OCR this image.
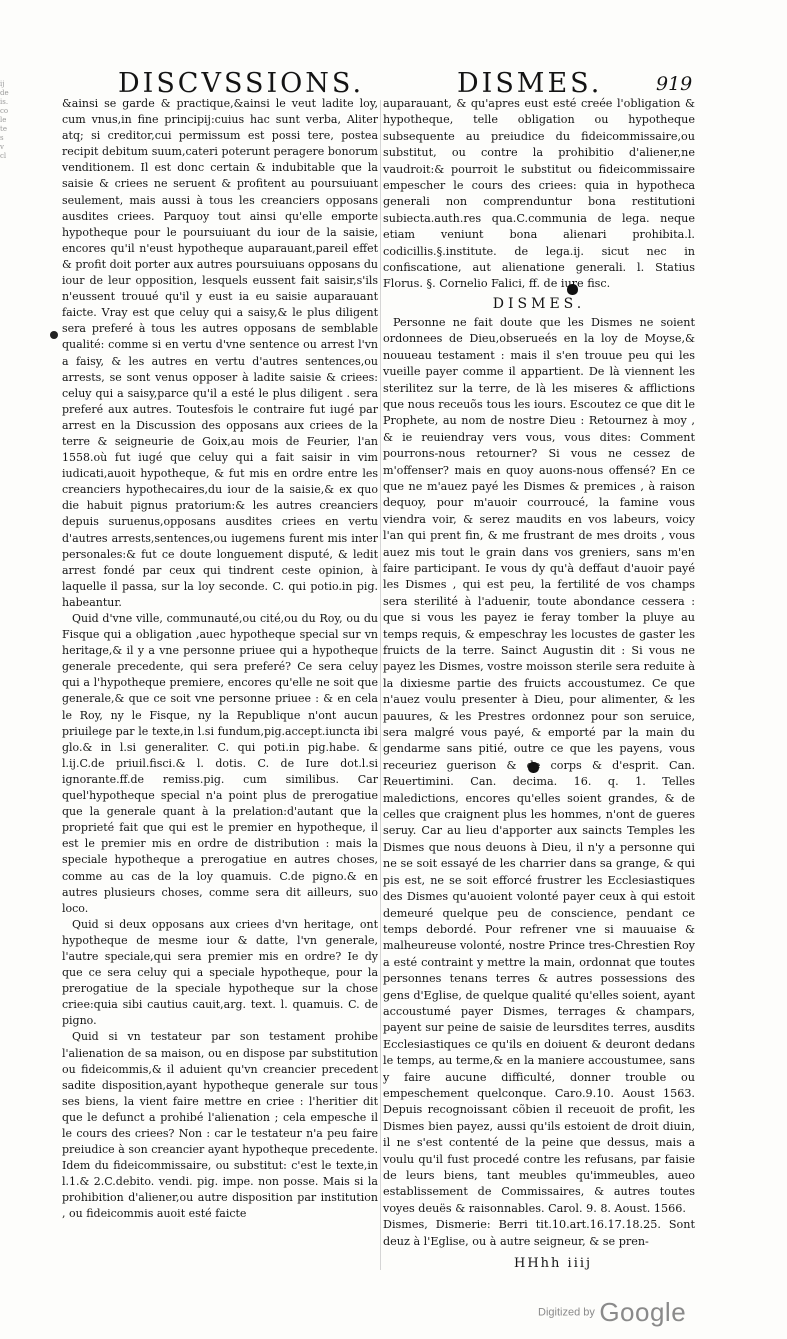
ij
de
is.
co
le
te
s
v
cl
DISCVSSIONS.	DISMES.	919

&ainsi se garde & practique,&ainsi le veut ladite loy, cum vnus,in fine principij:cuius hac sunt verba, Aliter atq; si creditor,cui permissum est possi tere, postea recipit debitum suum,cateri poterunt peragere bonorum venditionem. Il est donc certain & indubitable que la saisie & criees ne seruent & profitent au poursuiuant seulement, mais aussi à tous les creanciers opposans ausdites criees. Parquoy tout ainsi qu'elle emporte hypotheque pour le poursuiuant du iour de la saisie, encores qu'il n'eust hypotheque auparauant,pareil effet & profit doit porter aux autres poursuiuans opposans du iour de leur opposition, lesquels eussent fait saisir,s'ils n'eussent trouué qu'il y eust ia eu saisie auparauant faicte. Vray est que celuy qui a saisy,& le plus diligent sera preferé à tous les autres opposans de semblable qualité: comme si en vertu d'vne sentence ou arrest l'vn a faisy, & les autres en vertu d'autres sentences,ou arrests, se sont venus opposer à ladite saisie & criees: celuy qui a saisy,parce qu'il a esté le plus diligent . sera preferé aux autres. Toutesfois le contraire fut iugé par arrest en la Discussion des opposans aux criees de la terre & seigneurie de Goix,au mois de Feurier, l'an 1558.où fut iugé que celuy qui a fait saisir in vim iudicati,auoit hypotheque, & fut mis en ordre entre les creanciers hypothecaires,du iour de la saisie,& ex quo die habuit pignus pratorium:& les autres creanciers depuis suruenus,opposans ausdites criees en vertu d'autres arrests,sentences,ou iugemens furent mis inter personales:& fut ce doute longuement disputé, & ledit arrest fondé par ceux qui tindrent ceste opinion, à laquelle il passa, sur la loy seconde. C. qui potio.in pig. habeantur.

Quid d'vne ville, communauté,ou cité,ou du Roy, ou du Fisque qui a obligation ,auec hypotheque special sur vn heritage,& il y a vne personne priuee qui a hypotheque generale precedente, qui sera preferé? Ce sera celuy qui a l'hypotheque premiere, encores qu'elle ne soit que generale,& que ce soit vne personne priuee : & en cela le Roy, ny le Fisque, ny la Republique n'ont aucun priuilege par le texte,in l.si fundum,pig.accept.iuncta ibi glo.& in l.si generaliter. C. qui poti.in pig.habe. & l.ij.C.de priuil.fisci.& l. dotis. C. de Iure dot.l.si ignorante.ff.de remiss.pig. cum similibus. Car quel'hypotheque special n'a point plus de prerogatiue que la generale quant à la prelation:d'autant que la proprieté fait que qui est le premier en hypotheque, il est le premier mis en ordre de distribution : mais la speciale hypotheque a prerogatiue en autres choses, comme au cas de la loy quamuis. C.de pigno.& en autres plusieurs choses, comme sera dit ailleurs, suo loco.

Quid si deux opposans aux criees d'vn heritage, ont hypotheque de mesme iour & datte, l'vn generale, l'autre speciale,qui sera premier mis en ordre? Ie dy que ce sera celuy qui a speciale hypotheque, pour la prerogatiue de la speciale hypotheque sur la chose criee:quia sibi cautius cauit,arg. text. l. quamuis. C. de pigno.

Quid si vn testateur par son testament prohibe l'alienation de sa maison, ou en dispose par substitution ou fideicommis,& il aduient qu'vn creancier precedent sadite disposition,ayant hypotheque generale sur tous ses biens, la vient faire mettre en criee : l'heritier dit que le defunct a prohibé l'alienation ; cela empesche il le cours des criees? Non : car le testateur n'a peu faire preiudice à son creancier ayant hypotheque precedente. Idem du fideicommissaire, ou substitut: c'est le texte,in l.1.& 2.C.debito. vendi. pig. impe. non posse. Mais si la prohibition d'aliener,ou autre disposition par institution , ou fideicommis auoit esté faicte

auparauant, & qu'apres eust esté creée l'obligation & hypotheque, telle obligation ou hypotheque subsequente au preiudice du fideicommissaire,ou substitut, ou contre la prohibitio d'aliener,ne vaudroit:& pourroit le substitut ou fideicommissaire empescher le cours des criees: quia in hypotheca generali non comprenduntur bona restitutioni subiecta.auth.res qua.C.communia de lega. neque etiam veniunt bona alienari prohibita.l. codicillis.§.institute. de lega.ij. sicut nec in confiscatione, aut alienatione generali. l. Statius Florus. §. Cornelio Falici, ff. de iure fisc.

DISMES.

Personne ne fait doute que les Dismes ne soient ordonnees de Dieu,obserueés en la loy de Moyse,& nouueau testament : mais il s'en trouue peu qui les vueille payer comme il appartient. De là viennent les sterilitez sur la terre, de là les miseres & afflictions que nous receuõs tous les iours. Escoutez ce que dit le Prophete, au nom de nostre Dieu : Retournez à moy , & ie reuiendray vers vous, vous dites: Comment pourrons-nous retourner? Si vous ne cessez de m'offenser? mais en quoy auons-nous offensé? En ce que ne m'auez payé les Dismes & premices , à raison dequoy, pour m'auoir courroucé, la famine vous viendra voir, & serez maudits en vos labeurs, voicy l'an qui prent fin, & me frustrant de mes droits , vous auez mis tout le grain dans vos greniers, sans m'en faire participant. Ie vous dy qu'à deffaut d'auoir payé les Dismes , qui est peu, la fertilité de vos champs sera sterilité à l'aduenir, toute abondance cessera : que si vous les payez ie feray tomber la pluye au temps requis, & empeschray les locustes de gaster les fruicts de la terre. Sainct Augustin dit : Si vous ne payez les Dismes, vostre moisson sterile sera reduite à la dixiesme partie des fruicts accoustumez. Ce que n'auez voulu presenter à Dieu, pour alimenter, & les pauures, & les Prestres ordonnez pour son seruice, sera malgré vous payé, & emporté par la main du gendarme sans pitié, outre ce que les payens, vous receuriez guerison & de corps & d'esprit. Can. Reuertimini. Can. decima. 16. q. 1. Telles maledictions, encores qu'elles soient grandes, & de celles que craignent plus les hommes, n'ont de gueres seruy. Car au lieu d'apporter aux saincts Temples les Dismes que nous deuons à Dieu, il n'y a personne qui ne se soit essayé de les charrier dans sa grange, & qui pis est, ne se soit efforcé frustrer les Ecclesiastiques des Dismes qu'auoient volonté payer ceux à qui estoit demeuré quelque peu de conscience, pendant ce temps debordé. Pour refrener vne si mauuaise & malheureuse volonté, nostre Prince tres-Chrestien Roy a esté contraint y mettre la main, ordonnat que toutes personnes tenans terres & autres possessions des gens d'Eglise, de quelque qualité qu'elles soient, ayant accoustumé payer Dismes, terrages & champars, payent sur peine de saisie de leursdites terres, ausdits Ecclesiastiques ce qu'ils en doiuent & deuront dedans le temps, au terme,& en la maniere accoustumee, sans y faire aucune difficulté, donner trouble ou empeschement quelconque. Caro.9.10. Aoust 1563. Depuis recognoissant cõbien il receuoit de profit, les Dismes bien payez, aussi qu'ils estoient de droit diuin, il ne s'est contenté de la peine que dessus, mais a voulu qu'il fust procedé contre les refusans, par faisie de leurs biens, tant meubles qu'immeubles, aueo establissement de Commissaires, & autres toutes voyes deuës & raisonnables. Carol. 9. 8. Aoust. 1566.

Dismes, Dismerie: Berri tit.10.art.16.17.18.25. Sont deuz à l'Eglise, ou à autre seigneur, & se pren-

HHhh iiij
Digitized by Google
